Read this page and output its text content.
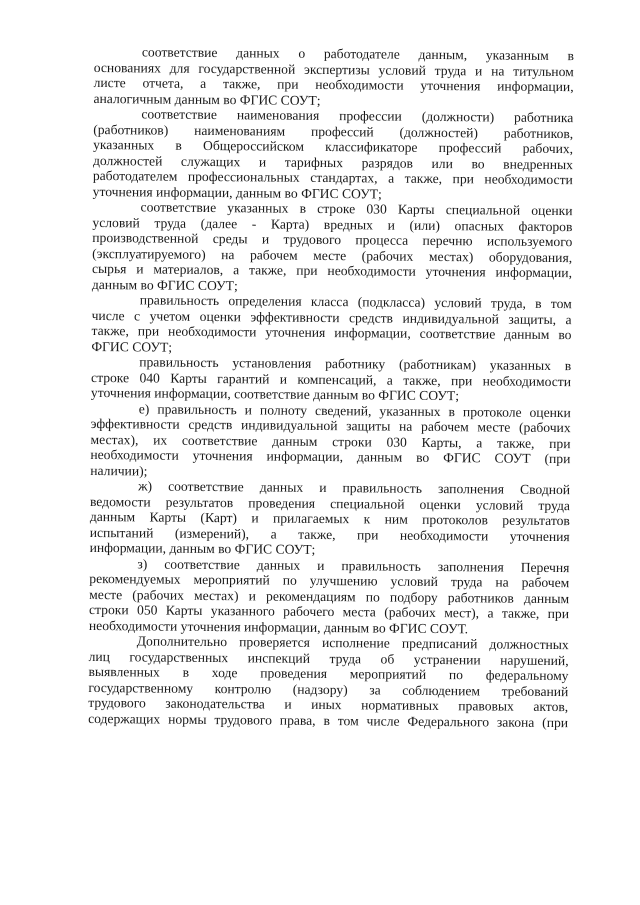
соответствие данных о работодателе данным, указанным в
основаниях для государственной экспертизы условий труда и на титульном
листе отчета, а также, при необходимости уточнения информации,
аналогичным данным во ФГИС СОУТ;
соответствие наименования профессии (должности) работника
(работников) наименованиям профессий (должностей) работников,
указанных в Общероссийском классификаторе профессий рабочих,
должностей служащих и тарифных разрядов или во внедренных
работодателем профессиональных стандартах, а также, при необходимости
уточнения информации, данным во ФГИС СОУТ;
соответствие указанных в строке 030 Карты специальной оценки
условий труда (далее - Карта) вредных и (или) опасных факторов
производственной среды и трудового процесса перечню используемого
(эксплуатируемого) на рабочем месте (рабочих местах) оборудования,
сырья и материалов, а также, при необходимости уточнения информации,
данным во ФГИС СОУТ;
правильность определения класса (подкласса) условий труда, в том
числе с учетом оценки эффективности средств индивидуальной защиты, а
также, при необходимости уточнения информации, соответствие данным во
ФГИС СОУТ;
правильность установления работнику (работникам) указанных в
строке 040 Карты гарантий и компенсаций, а также, при необходимости
уточнения информации, соответствие данным во ФГИС СОУТ;
е) правильность и полноту сведений, указанных в протоколе оценки
эффективности средств индивидуальной защиты на рабочем месте (рабочих
местах), их соответствие данным строки 030 Карты, а также, при
необходимости уточнения информации, данным во ФГИС СОУТ (при
наличии);
ж) соответствие данных и правильность заполнения Сводной
ведомости результатов проведения специальной оценки условий труда
данным Карты (Карт) и прилагаемых к ним протоколов результатов
испытаний (измерений), а также, при необходимости уточнения
информации, данным во ФГИС СОУТ;
з) соответствие данных и правильность заполнения Перечня
рекомендуемых мероприятий по улучшению условий труда на рабочем
месте (рабочих местах) и рекомендациям по подбору работников данным
строки 050 Карты указанного рабочего места (рабочих мест), а также, при
необходимости уточнения информации, данным во ФГИС СОУТ.
Дополнительно проверяется исполнение предписаний должностных
лиц государственных инспекций труда об устранении нарушений,
выявленных в ходе проведения мероприятий по федеральному
государственному контролю (надзору) за соблюдением требований
трудового законодательства и иных нормативных правовых актов,
содержащих нормы трудового права, в том числе Федерального закона (при
